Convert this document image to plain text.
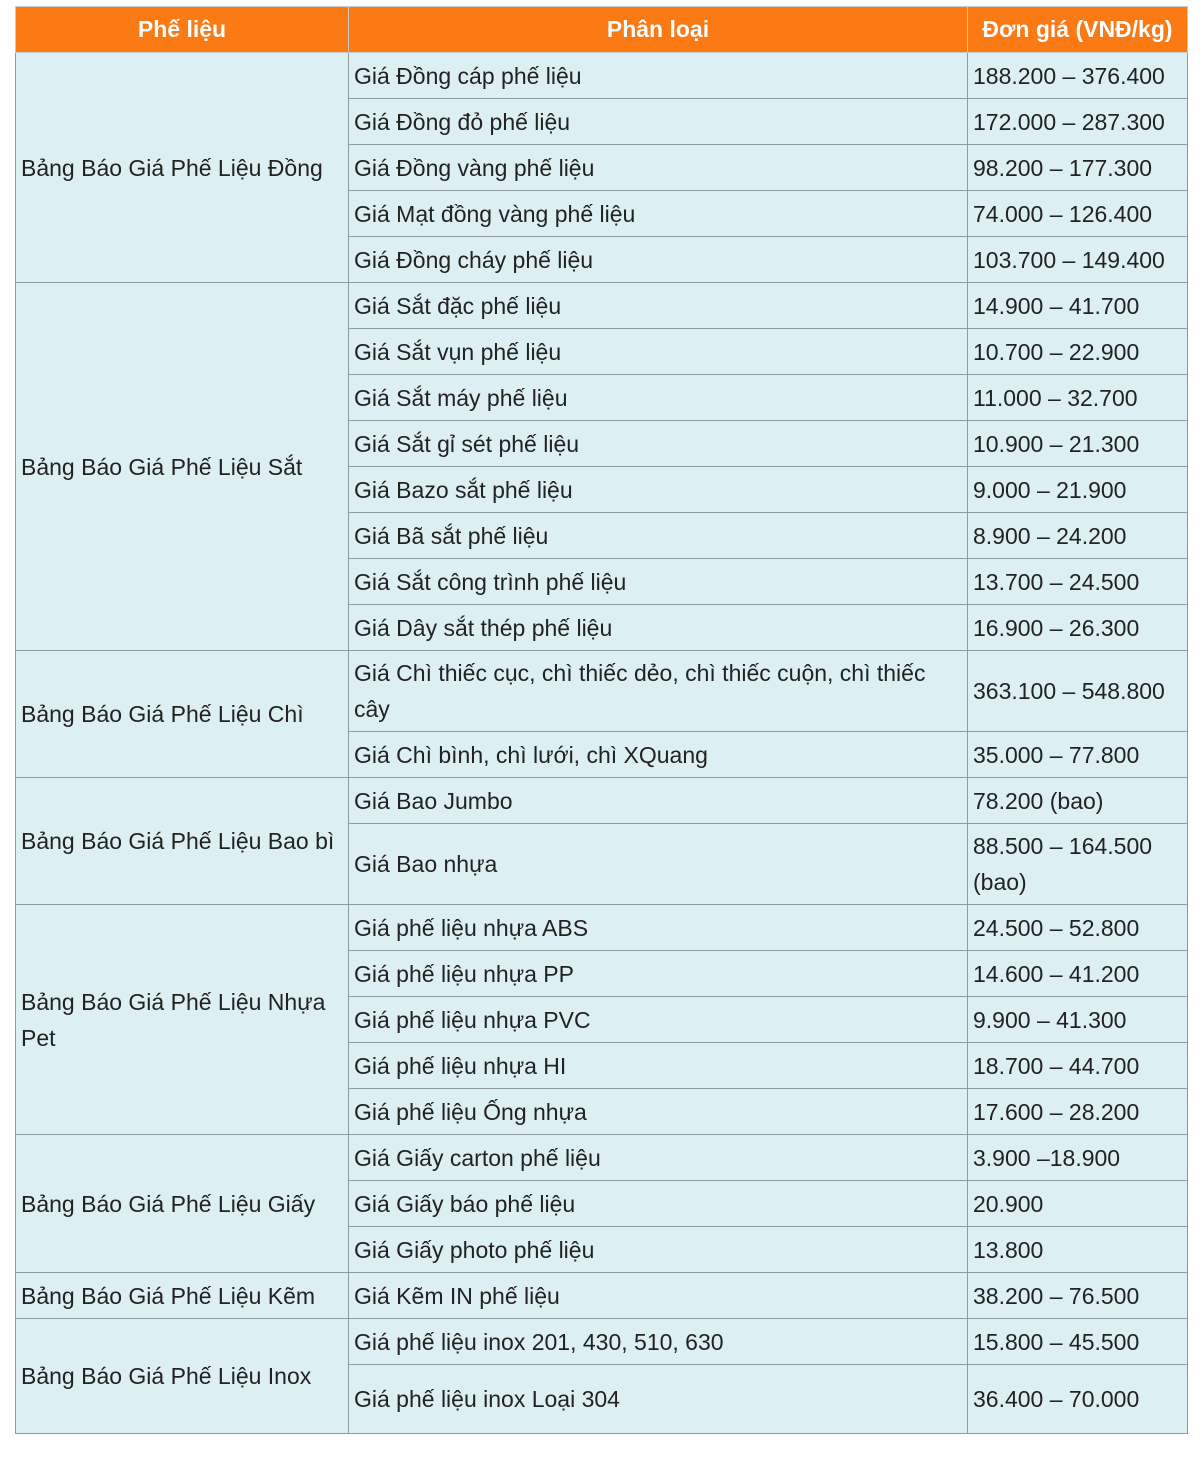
Phế liệu	Phân loại	Đơn giá (VNĐ/kg)
Bảng Báo Giá Phế Liệu Đồng	Giá Đồng cáp phế liệu	188.200 – 376.400
	Giá Đồng đỏ phế liệu	172.000 – 287.300
	Giá Đồng vàng phế liệu	98.200 – 177.300
	Giá Mạt đồng vàng phế liệu	74.000 – 126.400
	Giá Đồng cháy phế liệu	103.700 – 149.400
Bảng Báo Giá Phế Liệu Sắt	Giá Sắt đặc phế liệu	14.900 – 41.700
	Giá Sắt vụn phế liệu	10.700 – 22.900
	Giá Sắt máy phế liệu	11.000 – 32.700
	Giá Sắt gỉ sét phế liệu	10.900 – 21.300
	Giá Bazo sắt phế liệu	9.000 – 21.900
	Giá Bã sắt phế liệu	8.900 – 24.200
	Giá Sắt công trình phế liệu	13.700 – 24.500
	Giá Dây sắt thép phế liệu	16.900 – 26.300
Bảng Báo Giá Phế Liệu Chì	Giá Chì thiếc cục, chì thiếc dẻo, chì thiếc cuộn, chì thiếc cây	363.100 – 548.800
	Giá Chì bình, chì lưới, chì XQuang	35.000 – 77.800
Bảng Báo Giá Phế Liệu Bao bì	Giá Bao Jumbo	78.200 (bao)
	Giá Bao nhựa	88.500 – 164.500 (bao)
Bảng Báo Giá Phế Liệu Nhựa Pet	Giá phế liệu nhựa ABS	24.500 – 52.800
	Giá phế liệu nhựa PP	14.600 – 41.200
	Giá phế liệu nhựa PVC	9.900 – 41.300
	Giá phế liệu nhựa HI	18.700 – 44.700
	Giá phế liệu Ống nhựa	17.600 – 28.200
Bảng Báo Giá Phế Liệu Giấy	Giá Giấy carton phế liệu	3.900 –18.900
	Giá Giấy báo phế liệu	20.900
	Giá Giấy photo phế liệu	13.800
Bảng Báo Giá Phế Liệu Kẽm	Giá Kẽm IN phế liệu	38.200 – 76.500
Bảng Báo Giá Phế Liệu Inox	Giá phế liệu inox 201, 430, 510, 630	15.800 – 45.500
	Giá phế liệu inox Loại 304	36.400 – 70.000
